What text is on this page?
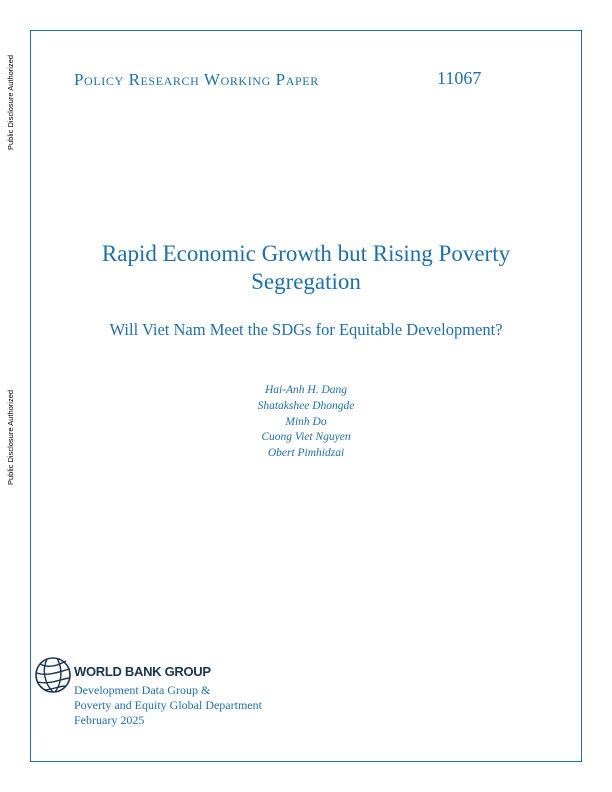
Public Disclosure Authorized
Public Disclosure Authorized
Policy Research Working Paper	11067
Rapid Economic Growth but Rising Poverty Segregation
Will Viet Nam Meet the SDGs for Equitable Development?
Hai-Anh H. Dang
Shatakshee Dhongde
Minh Do
Cuong Viet Nguyen
Obert Pimhidzai
WORLD BANK GROUP
Development Data Group &
Poverty and Equity Global Department
February 2025
